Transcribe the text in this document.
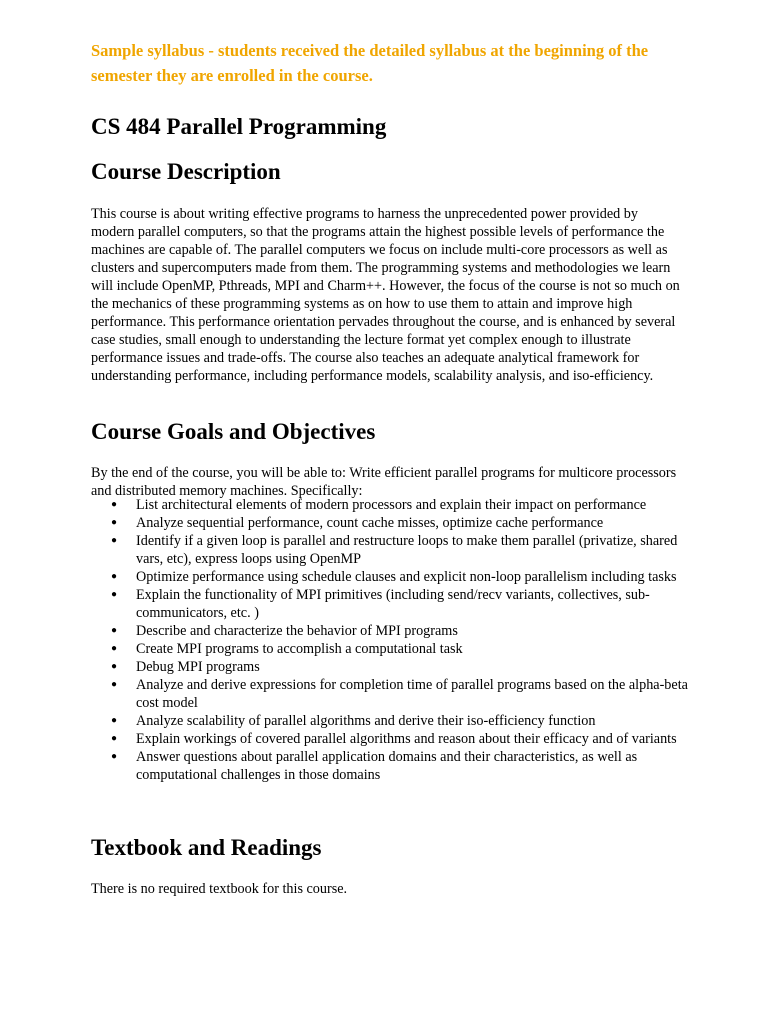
Sample syllabus - students received the detailed syllabus at the beginning of the semester they are enrolled in the course.
CS 484 Parallel Programming
Course Description

This course is about writing effective programs to harness the unprecedented power provided by modern parallel computers, so that the programs attain the highest possible levels of performance the machines are capable of. The parallel computers we focus on include multi-core processors as well as clusters and supercomputers made from them. The programming systems and methodologies we learn will include OpenMP, Pthreads, MPI and Charm++. However, the focus of the course is not so much on the mechanics of these programming systems as on how to use them to attain and improve high performance. This performance orientation pervades throughout the course, and is enhanced by several case studies, small enough to understanding the lecture format yet complex enough to illustrate performance issues and trade-offs. The course also teaches an adequate analytical framework for understanding performance, including performance models, scalability analysis, and iso-efficiency.

Course Goals and Objectives

By the end of the course, you will be able to: Write efficient parallel programs for multicore processors and distributed memory machines. Specifically:

● List architectural elements of modern processors and explain their impact on performance
● Analyze sequential performance, count cache misses, optimize cache performance
● Identify if a given loop is parallel and restructure loops to make them parallel (privatize, shared vars, etc), express loops using OpenMP
● Optimize performance using schedule clauses and explicit non-loop parallelism including tasks
● Explain the functionality of MPI primitives (including send/recv variants, collectives, sub-communicators, etc. )
● Describe and characterize the behavior of MPI programs
● Create MPI programs to accomplish a computational task
● Debug MPI programs
● Analyze and derive expressions for completion time of parallel programs based on the alpha-beta cost model
● Analyze scalability of parallel algorithms and derive their iso-efficiency function
● Explain workings of covered parallel algorithms and reason about their efficacy and of variants
● Answer questions about parallel application domains and their characteristics, as well as computational challenges in those domains
Textbook and Readings

There is no required textbook for this course.
